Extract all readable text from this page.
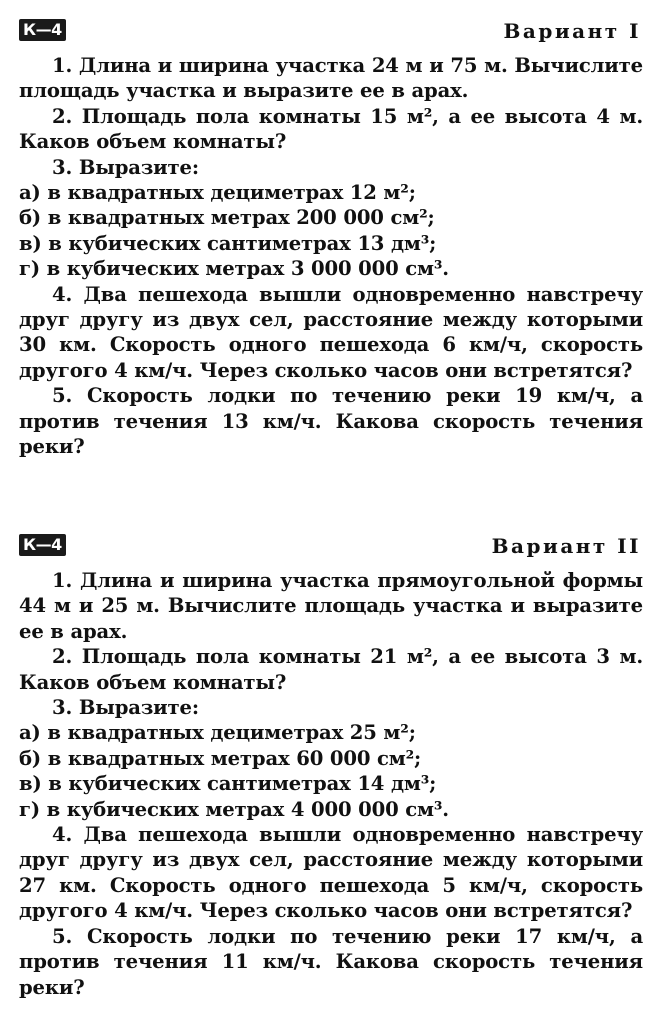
К—4	Вариант I

1. Длина и ширина участка 24 м и 75 м. Вычислите площадь участка и выразите ее в арах.

2. Площадь пола комнаты 15 м², а ее высота 4 м. Каков объем комнаты?

3. Выразите:

а) в квадратных дециметрах 12 м²;

б) в квадратных метрах 200 000 см²;

в) в кубических сантиметрах 13 дм³;

г) в кубических метрах 3 000 000 см³.

4. Два пешехода вышли одновременно навстречу друг другу из двух сел, расстояние между которыми 30 км. Скорость одного пешехода 6 км/ч, скорость другого 4 км/ч. Через сколько часов они встретятся?

5. Скорость лодки по течению реки 19 км/ч, а против течения 13 км/ч. Какова скорость течения реки?

К—4	Вариант II

1. Длина и ширина участка прямоугольной формы 44 м и 25 м. Вычислите площадь участка и выразите ее в арах.

2. Площадь пола комнаты 21 м², а ее высота 3 м. Каков объем комнаты?

3. Выразите:

а) в квадратных дециметрах 25 м²;

б) в квадратных метрах 60 000 см²;

в) в кубических сантиметрах 14 дм³;

г) в кубических метрах 4 000 000 см³.

4. Два пешехода вышли одновременно навстречу друг другу из двух сел, расстояние между которыми 27 км. Скорость одного пешехода 5 км/ч, скорость другого 4 км/ч. Через сколько часов они встретятся?

5. Скорость лодки по течению реки 17 км/ч, а против течения 11 км/ч. Какова скорость течения реки?
